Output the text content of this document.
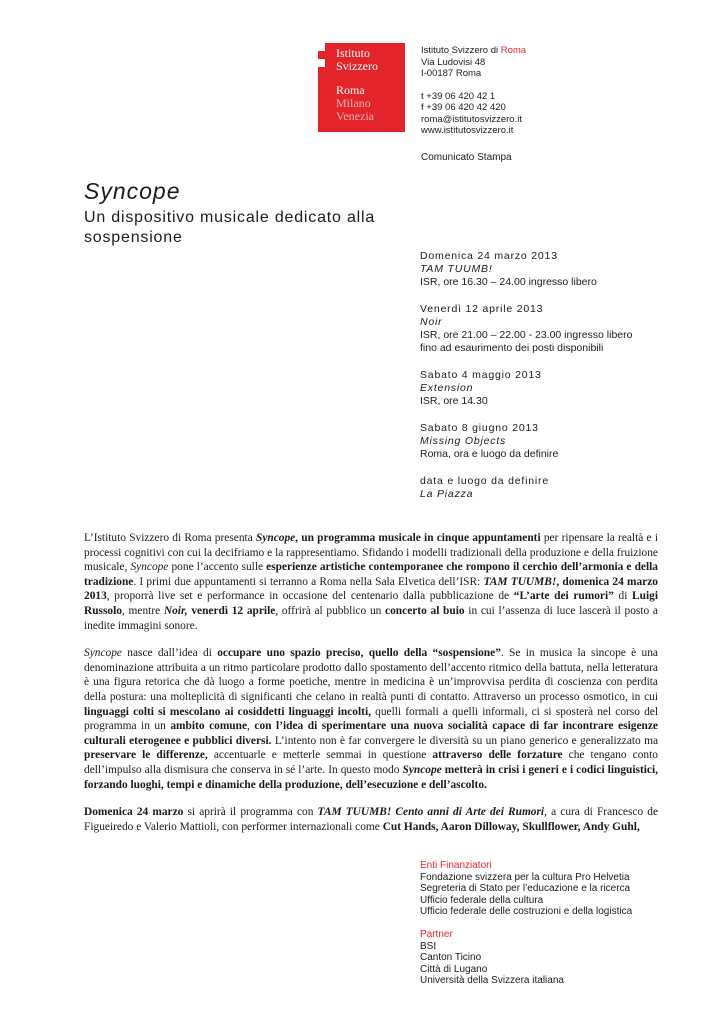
Istituto
Svizzero
Roma
Milano
Venezia
Istituto Svizzero di Roma
Via Ludovisi 48
I-00187 Roma
t +39 06 420 42 1
f +39 06 420 42 420
roma@istitutosvizzero.it
www.istitutosvizzero.it
Comunicato Stampa
Syncope
Un dispositivo musicale dedicato alla sospensione
Domenica 24 marzo 2013
TAM TUUMB!
ISR, ore 16.30 – 24.00 ingresso libero
Venerdì 12 aprile 2013
Noir
ISR, ore 21.00 – 22.00 - 23.00 ingresso libero
fino ad esaurimento dei posti disponibili
Sabato 4 maggio 2013
Extension
ISR, ore 14.30
Sabato 8 giugno 2013
Missing Objects
Roma, ora e luogo da definire
data e luogo da definire
La Piazza

L’Istituto Svizzero di Roma presenta Syncope, un programma musicale in cinque appuntamenti per ripensare la realtà e i processi cognitivi con cui la decifriamo e la rappresentiamo. Sfidando i modelli tradizionali della produzione e della fruizione musicale, Syncope pone l’accento sulle esperienze artistiche contemporanee che rompono il cerchio dell’armonia e della tradizione. I primi due appuntamenti si terranno a Roma nella Sala Elvetica dell’ISR: TAM TUUMB!, domenica 24 marzo 2013, proporrà live set e performance in occasione del centenario dalla pubblicazione de “L’arte dei rumori” di Luigi Russolo, mentre Noir, venerdì 12 aprile, offrirà al pubblico un concerto al buio in cui l’assenza di luce lascerà il posto a inedite immagini sonore.

Syncope nasce dall’idea di occupare uno spazio preciso, quello della “sospensione”. Se in musica la sincope è una denominazione attribuita a un ritmo particolare prodotto dallo spostamento dell’accento ritmico della battuta, nella letteratura è una figura retorica che dà luogo a forme poetiche, mentre in medicina è un’improvvisa perdita di coscienza con perdita della postura: una molteplicità di significanti che celano in realtà punti di contatto. Attraverso un processo osmotico, in cui linguaggi colti si mescolano ai cosiddetti linguaggi incolti, quelli formali a quelli informali, ci si sposterà nel corso del programma in un ambito comune, con l’idea di sperimentare una nuova socialità capace di far incontrare esigenze culturali eterogenee e pubblici diversi. L’intento non è far convergere le diversità su un piano generico e generalizzato ma preservare le differenze, accentuarle e metterle semmai in questione attraverso delle forzature che tengano conto dell’impulso alla dismisura che conserva in sé l’arte. In questo modo Syncope metterà in crisi i generi e i codici linguistici, forzando luoghi, tempi e dinamiche della produzione, dell’esecuzione e dell’ascolto.

Domenica 24 marzo si aprirà il programma con TAM TUUMB! Cento anni di Arte dei Rumori, a cura di Francesco de Figueiredo e Valerio Mattioli, con performer internazionali come Cut Hands, Aaron Dilloway, Skullflower, Andy Guhl,

Enti Finanziatori
Fondazione svizzera per la cultura Pro Helvetia
Segreteria di Stato per l’educazione e la ricerca
Ufficio federale della cultura
Ufficio federale delle costruzioni e della logistica
Partner
BSI
Canton Ticino
Città di Lugano
Università della Svizzera italiana
